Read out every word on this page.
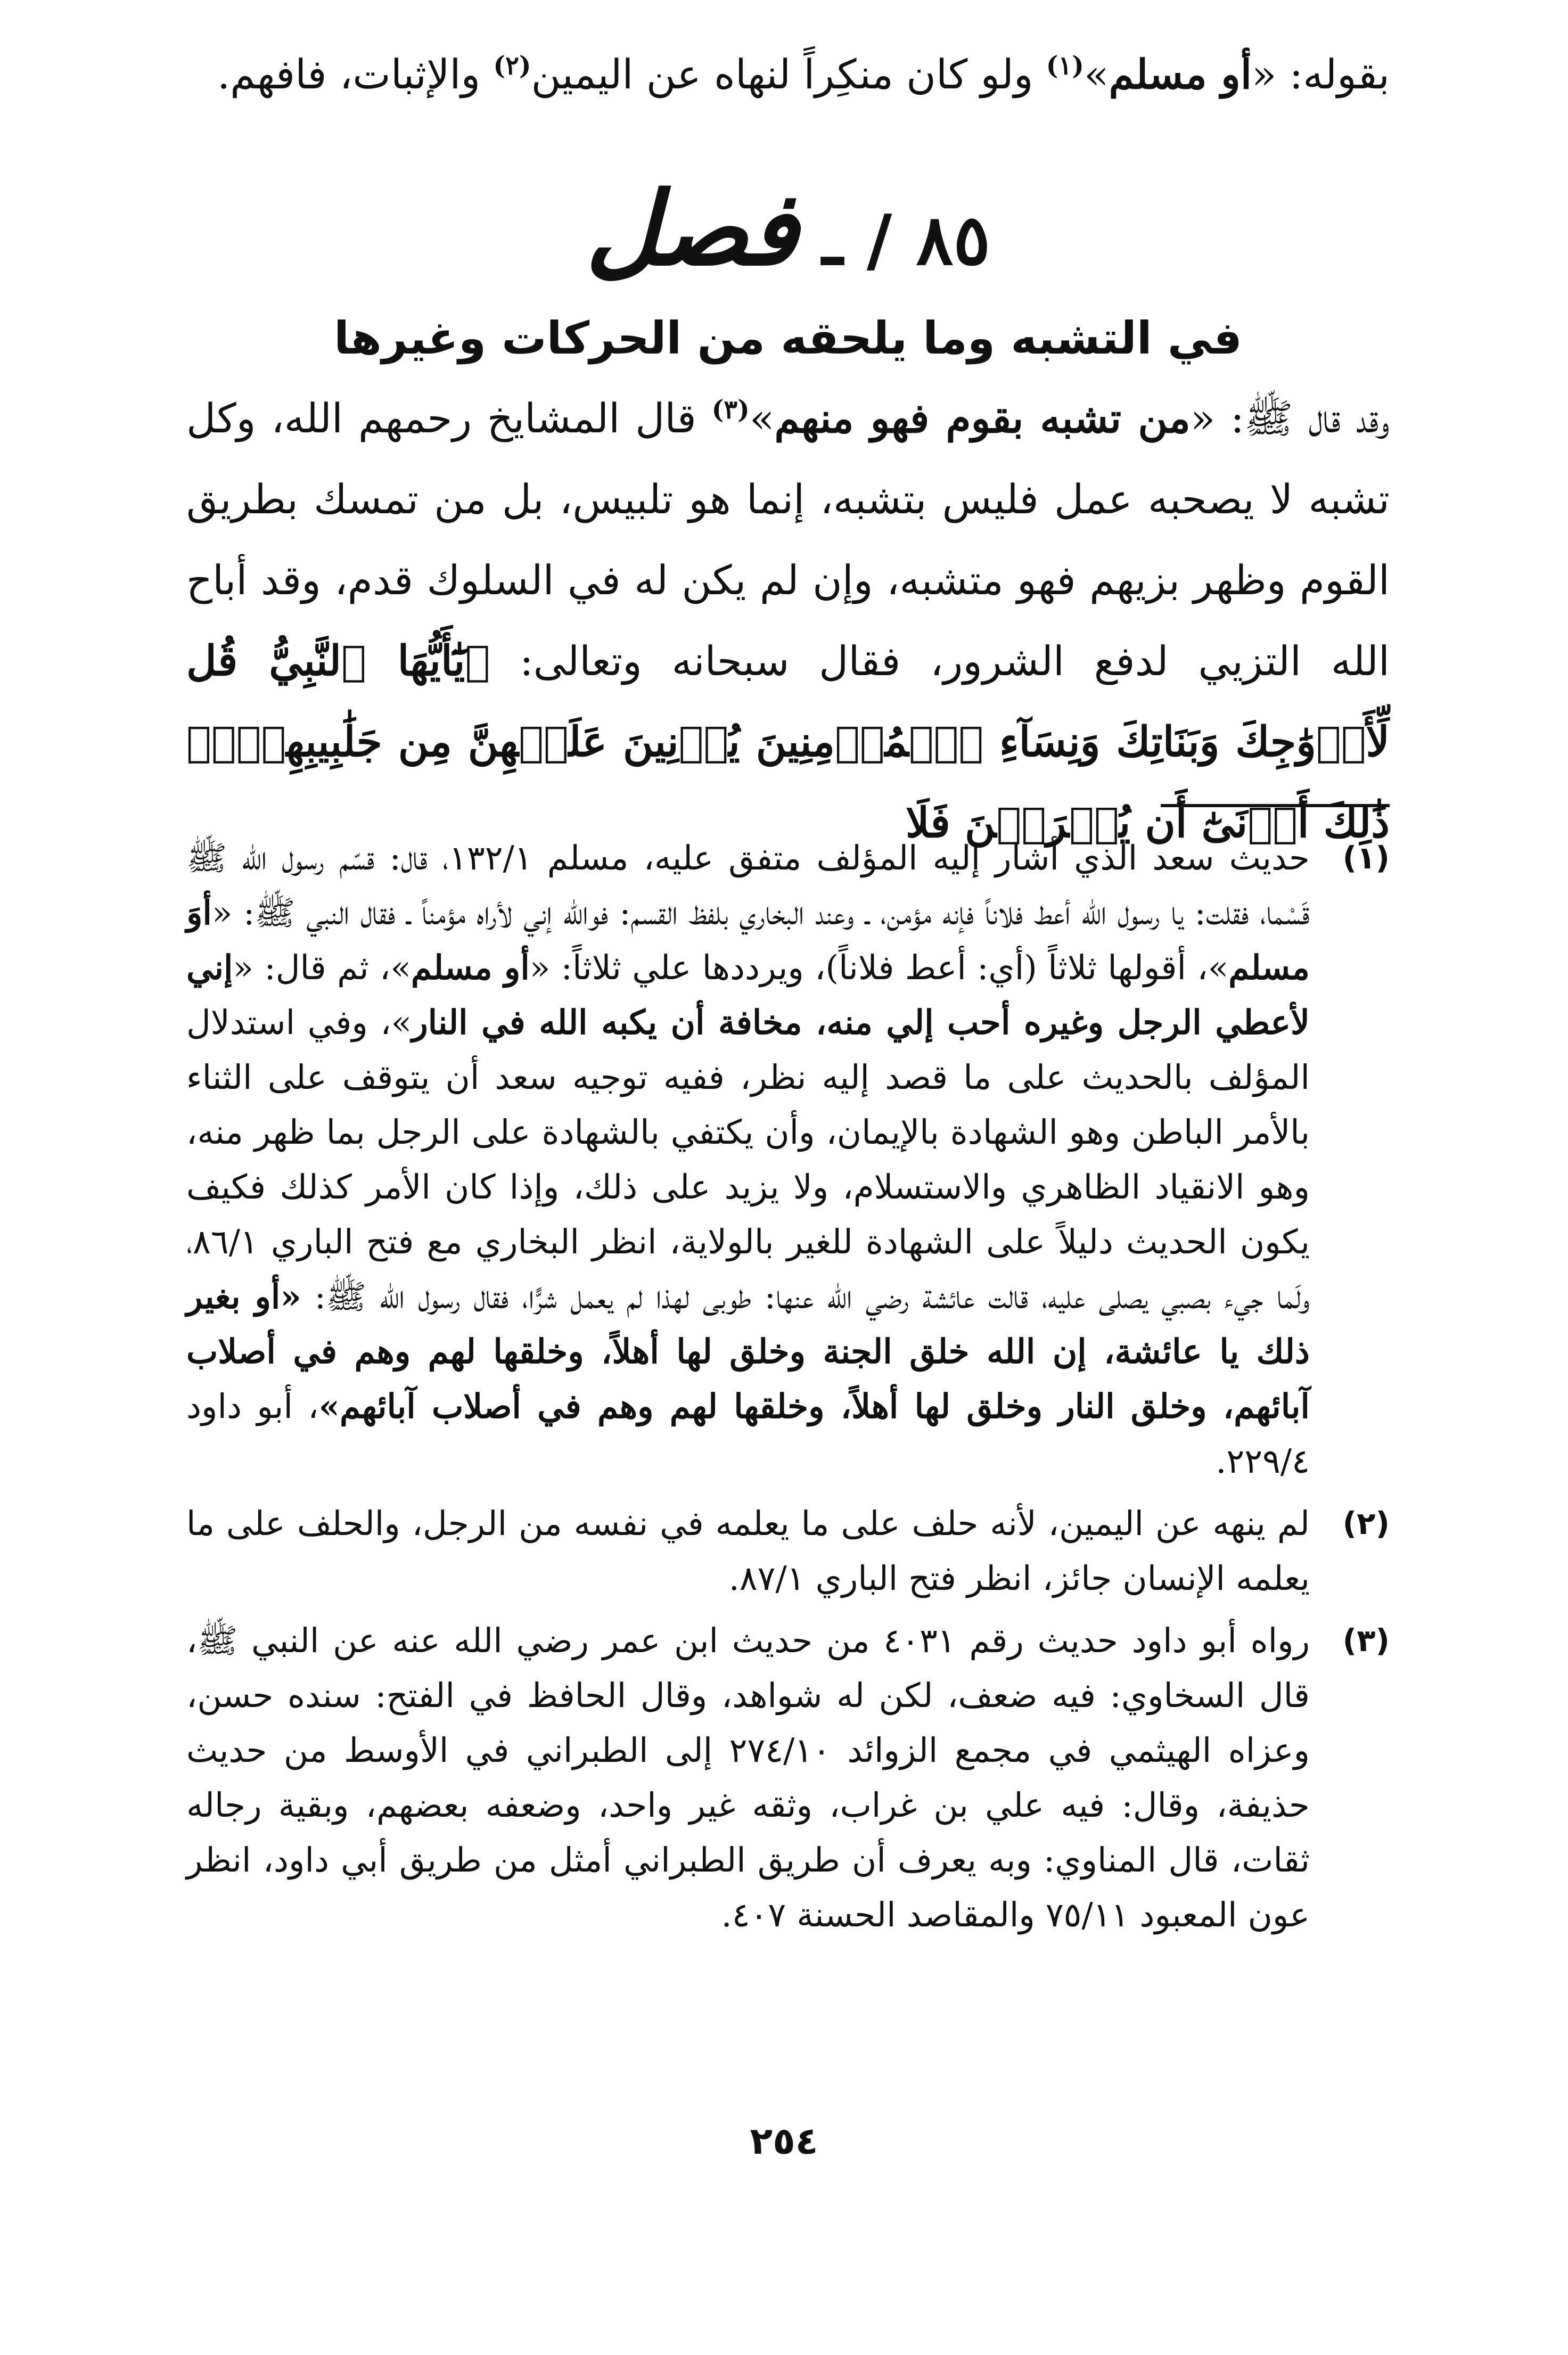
بقوله: «أو مسلم»$^{(١)}$ ولو كان منكِراً لنهاه عن اليمين$^{(٢)}$ والإثبات، فافهم.

٨٥ / ـ فصل

في التشبه وما يلحقه من الحركات وغيرها

وقد قال ﷺ: «من تشبه بقوم فهو منهم»$^{(٣)}$ قال المشايخ رحمهم الله، وكل تشبه لا يصحبه عمل فليس بتشبه، إنما هو تلبيس، بل من تمسك بطريق القوم وظهر بزيهم فهو متشبه، وإن لم يكن له في السلوك قدم، وقد أباح الله التزيي لدفع الشرور، فقال سبحانه وتعالى: ﴿يَٰٓأَيُّهَا ٱلنَّبِيُّ قُل لِّأَزۡوَٰجِكَ وَبَنَاتِكَ وَنِسَآءِ ٱلۡمُؤۡمِنِينَ يُدۡنِينَ عَلَيۡهِنَّ مِن جَلَٰبِيبِهِنَّۚ ذَٰلِكَ أَدۡنَىٰٓ أَن يُعۡرَفۡنَ فَلَا

(١)
حديث سعد الذي أشار إليه المؤلف متفق عليه، مسلم ١٣٢/١، قال: قسّم رسول الله ﷺ قَسْما، فقلت: يا رسول الله أعط فلاناً فإنه مؤمن، ـ وعند البخاري بلفظ القسم: فوالله إني لأراه مؤمناً ـ فقال النبي ﷺ: «أوَ مسلم»، أقولها ثلاثاً (أي: أعط فلاناً)، ويرددها علي ثلاثاً: «أو مسلم»، ثم قال: «إني لأعطي الرجل وغيره أحب إلي منه، مخافة أن يكبه الله في النار»، وفي استدلال المؤلف بالحديث على ما قصد إليه نظر، ففيه توجيه سعد أن يتوقف على الثناء بالأمر الباطن وهو الشهادة بالإيمان، وأن يكتفي بالشهادة على الرجل بما ظهر منه، وهو الانقياد الظاهري والاستسلام، ولا يزيد على ذلك، وإذا كان الأمر كذلك فكيف يكون الحديث دليلاً على الشهادة للغير بالولاية، انظر البخاري مع فتح الباري ٨٦/١، ولَما جيء بصبي يصلى عليه، قالت عائشة رضي الله عنها: طوبى لهذا لم يعمل شرًّا، فقال رسول الله ﷺ: «أو بغير ذلك يا عائشة، إن الله خلق الجنة وخلق لها أهلاً، وخلقها لهم وهم في أصلاب آبائهم، وخلق النار وخلق لها أهلاً، وخلقها لهم وهم في أصلاب آبائهم»، أبو داود ٢٢٩/٤.
(٢)
لم ينهه عن اليمين، لأنه حلف على ما يعلمه في نفسه من الرجل، والحلف على ما يعلمه الإنسان جائز، انظر فتح الباري ٨٧/١.
(٣)
رواه أبو داود حديث رقم ٤٠٣١ من حديث ابن عمر رضي الله عنه عن النبي ﷺ، قال السخاوي: فيه ضعف، لكن له شواهد، وقال الحافظ في الفتح: سنده حسن، وعزاه الهيثمي في مجمع الزوائد ٢٧٤/١٠ إلى الطبراني في الأوسط من حديث حذيفة، وقال: فيه علي بن غراب، وثقه غير واحد، وضعفه بعضهم، وبقية رجاله ثقات، قال المناوي: وبه يعرف أن طريق الطبراني أمثل من طريق أبي داود، انظر عون المعبود ٧٥/١١ والمقاصد الحسنة ٤٠٧.
٢٥٤
